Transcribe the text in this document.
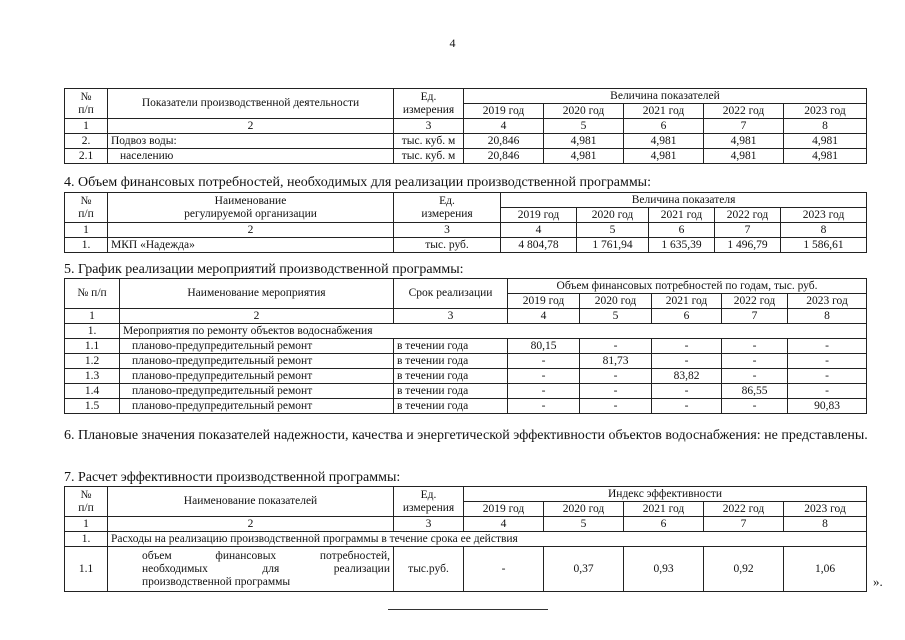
4
№
п/п	Показатели производственной деятельности	Ед.
измерения	Величина показателей				
			2019 год	2020 год	2021 год	2022 год	2023 год
1	2	3	4	5	6	7	8
2.	Подвоз воды:	тыс. куб. м	20,846	4,981	4,981	4,981	4,981
2.1	населению	тыс. куб. м	20,846	4,981	4,981	4,981	4,981
4. Объем финансовых потребностей, необходимых для реализации производственной программы:
№
п/п	Наименование
регулируемой организации	Ед.
измерения	Величина показателя				
			2019 год	2020 год	2021 год	2022 год	2023 год
1	2	3	4	5	6	7	8
1.	МКП «Надежда»	тыс. руб.	4 804,78	1 761,94	1 635,39	1 496,79	1 586,61
5. График реализации мероприятий производственной программы:
№ п/п	Наименование мероприятия	Срок реализации	Объем финансовых потребностей по годам, тыс. руб.				
			2019 год	2020 год	2021 год	2022 год	2023 год
1	2	3	4	5	6	7	8
1.	Мероприятия по ремонту объектов водоснабжения						
1.1	планово-предупредительный ремонт	в течении года	80,15	-	-	-	-
1.2	планово-предупредительный ремонт	в течении года	-	81,73	-	-	-
1.3	планово-предупредительный ремонт	в течении года	-	-	83,82	-	-
1.4	планово-предупредительный ремонт	в течении года	-	-	-	86,55	-
1.5	планово-предупредительный ремонт	в течении года	-	-	-	-	90,83
6. Плановые значения показателей надежности, качества и энергетической эффективности объектов водоснабжения: не представлены.
7. Расчет эффективности производственной программы:
№
п/п	Наименование показателей	Ед.
измерения	Индекс эффективности				
			2019 год	2020 год	2021 год	2022 год	2023 год
1	2	3	4	5	6	7	8
1.	Расходы на реализацию производственной программы в течение срока ее действия						
1.1	объем финансовых потребностей,
необходимых для реализации
производственной программы	тыс.руб.	-	0,37	0,93	0,92	1,06
».
